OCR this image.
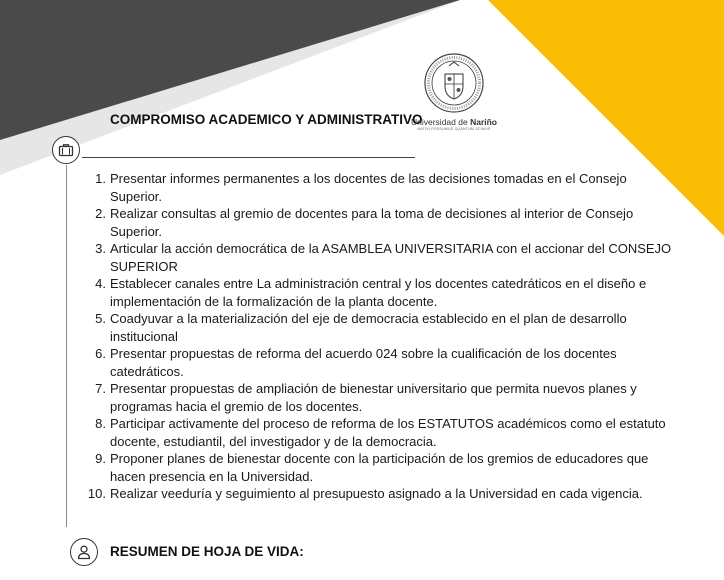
COMPROMISO ACADEMICO Y ADMINISTRATIVO
Universidad de Nariño
NATIVI POSSUMUS QUANTUM SCIMUS
1. Presentar informes permanentes a los docentes de las decisiones tomadas en el Consejo Superior.
2. Realizar consultas al gremio de docentes para la toma de decisiones al interior de Consejo Superior.
3. Articular la acción democrática de la ASAMBLEA UNIVERSITARIA con el accionar del CONSEJO SUPERIOR
4. Establecer canales entre La administración central y los docentes catedráticos en el diseño e implementación de la formalización de la planta docente.
5. Coadyuvar a la materialización del eje de democracia establecido en el plan de desarrollo institucional
6. Presentar propuestas de reforma del acuerdo 024 sobre la cualificación de los docentes catedráticos.
7. Presentar propuestas de ampliación de bienestar universitario que permita nuevos planes y programas hacia el gremio de los docentes.
8. Participar activamente del proceso de reforma de los ESTATUTOS académicos como el estatuto docente, estudiantil, del investigador y de la democracia.
9. Proponer planes de bienestar docente con la participación de los gremios de educadores que hacen presencia en la Universidad.
10. Realizar veeduría y seguimiento al presupuesto asignado a la Universidad en cada vigencia.
RESUMEN DE HOJA DE VIDA:
